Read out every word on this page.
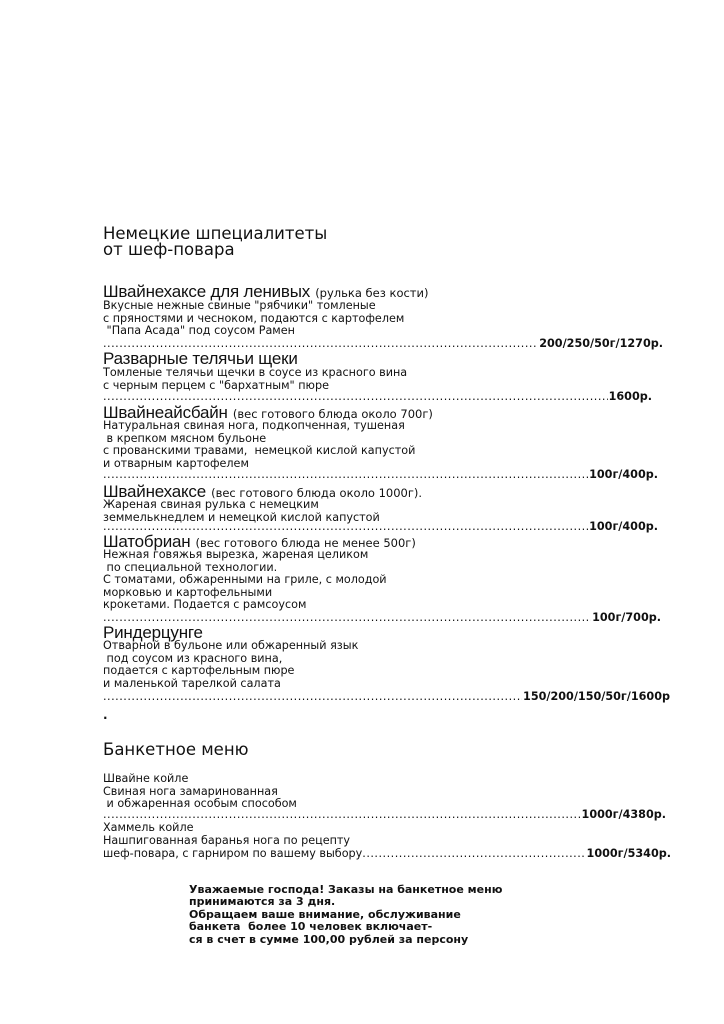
Немецкие шпециалитеты
от шеф-повара
Швайнехаксе для ленивых (рулька без кости)
Вкусные нежные свиные "рябчики" томленые
с пряностями и чесноком, подаются с картофелем
"Папа Асада" под соусом Рамен
.....
200/250/50г/1270р.
Разварные телячьи щеки
Томленые телячьи щечки в соусе из красного вина
с черным перцем с "бархатным" пюре
.....
1600р.
Швайнеайсбайн (вес готового блюда около 700г)
Натуральная свиная нога, подкопченная, тушеная
в крепком мясном бульоне
с прованскими травами,  немецкой кислой капустой
и отварным картофелем
.....
100г/400р.
Швайнехаксе (вес готового блюда около 1000г).
Жареная свиная рулька с немецким
земмелькнедлем и немецкой кислой капустой
.....
100г/400р.
Шатобриан (вес готового блюда не менее 500г)
Нежная говяжья вырезка, жареная целиком
по специальной технологии.
С томатами, обжаренными на гриле, с молодой
морковью и картофельными
крокетами. Подается с рамсоусом
.....
100г/700р.
Риндерцунге
Отварной в бульоне или обжаренный язык
под соусом из красного вина,
подается с картофельным пюре
и маленькой тарелкой салата
.....
150/200/150/50г/1600р
.
Банкетное меню
Швайне койле
Свиная нога замаринованная
и обжаренная особым способом
.....
1000г/4380р.
Хаммель койле
Нашпигованная баранья нога по рецепту
шеф-повара, с гарниром по вашему выбору
.....	1000г/5340р.
Уважаемые господа! Заказы на банкетное меню
принимаются за 3 дня.
Обращаем ваше внимание, обслуживание
банкета  более 10 человек включает-
ся в счет в сумме 100,00 рублей за персону
